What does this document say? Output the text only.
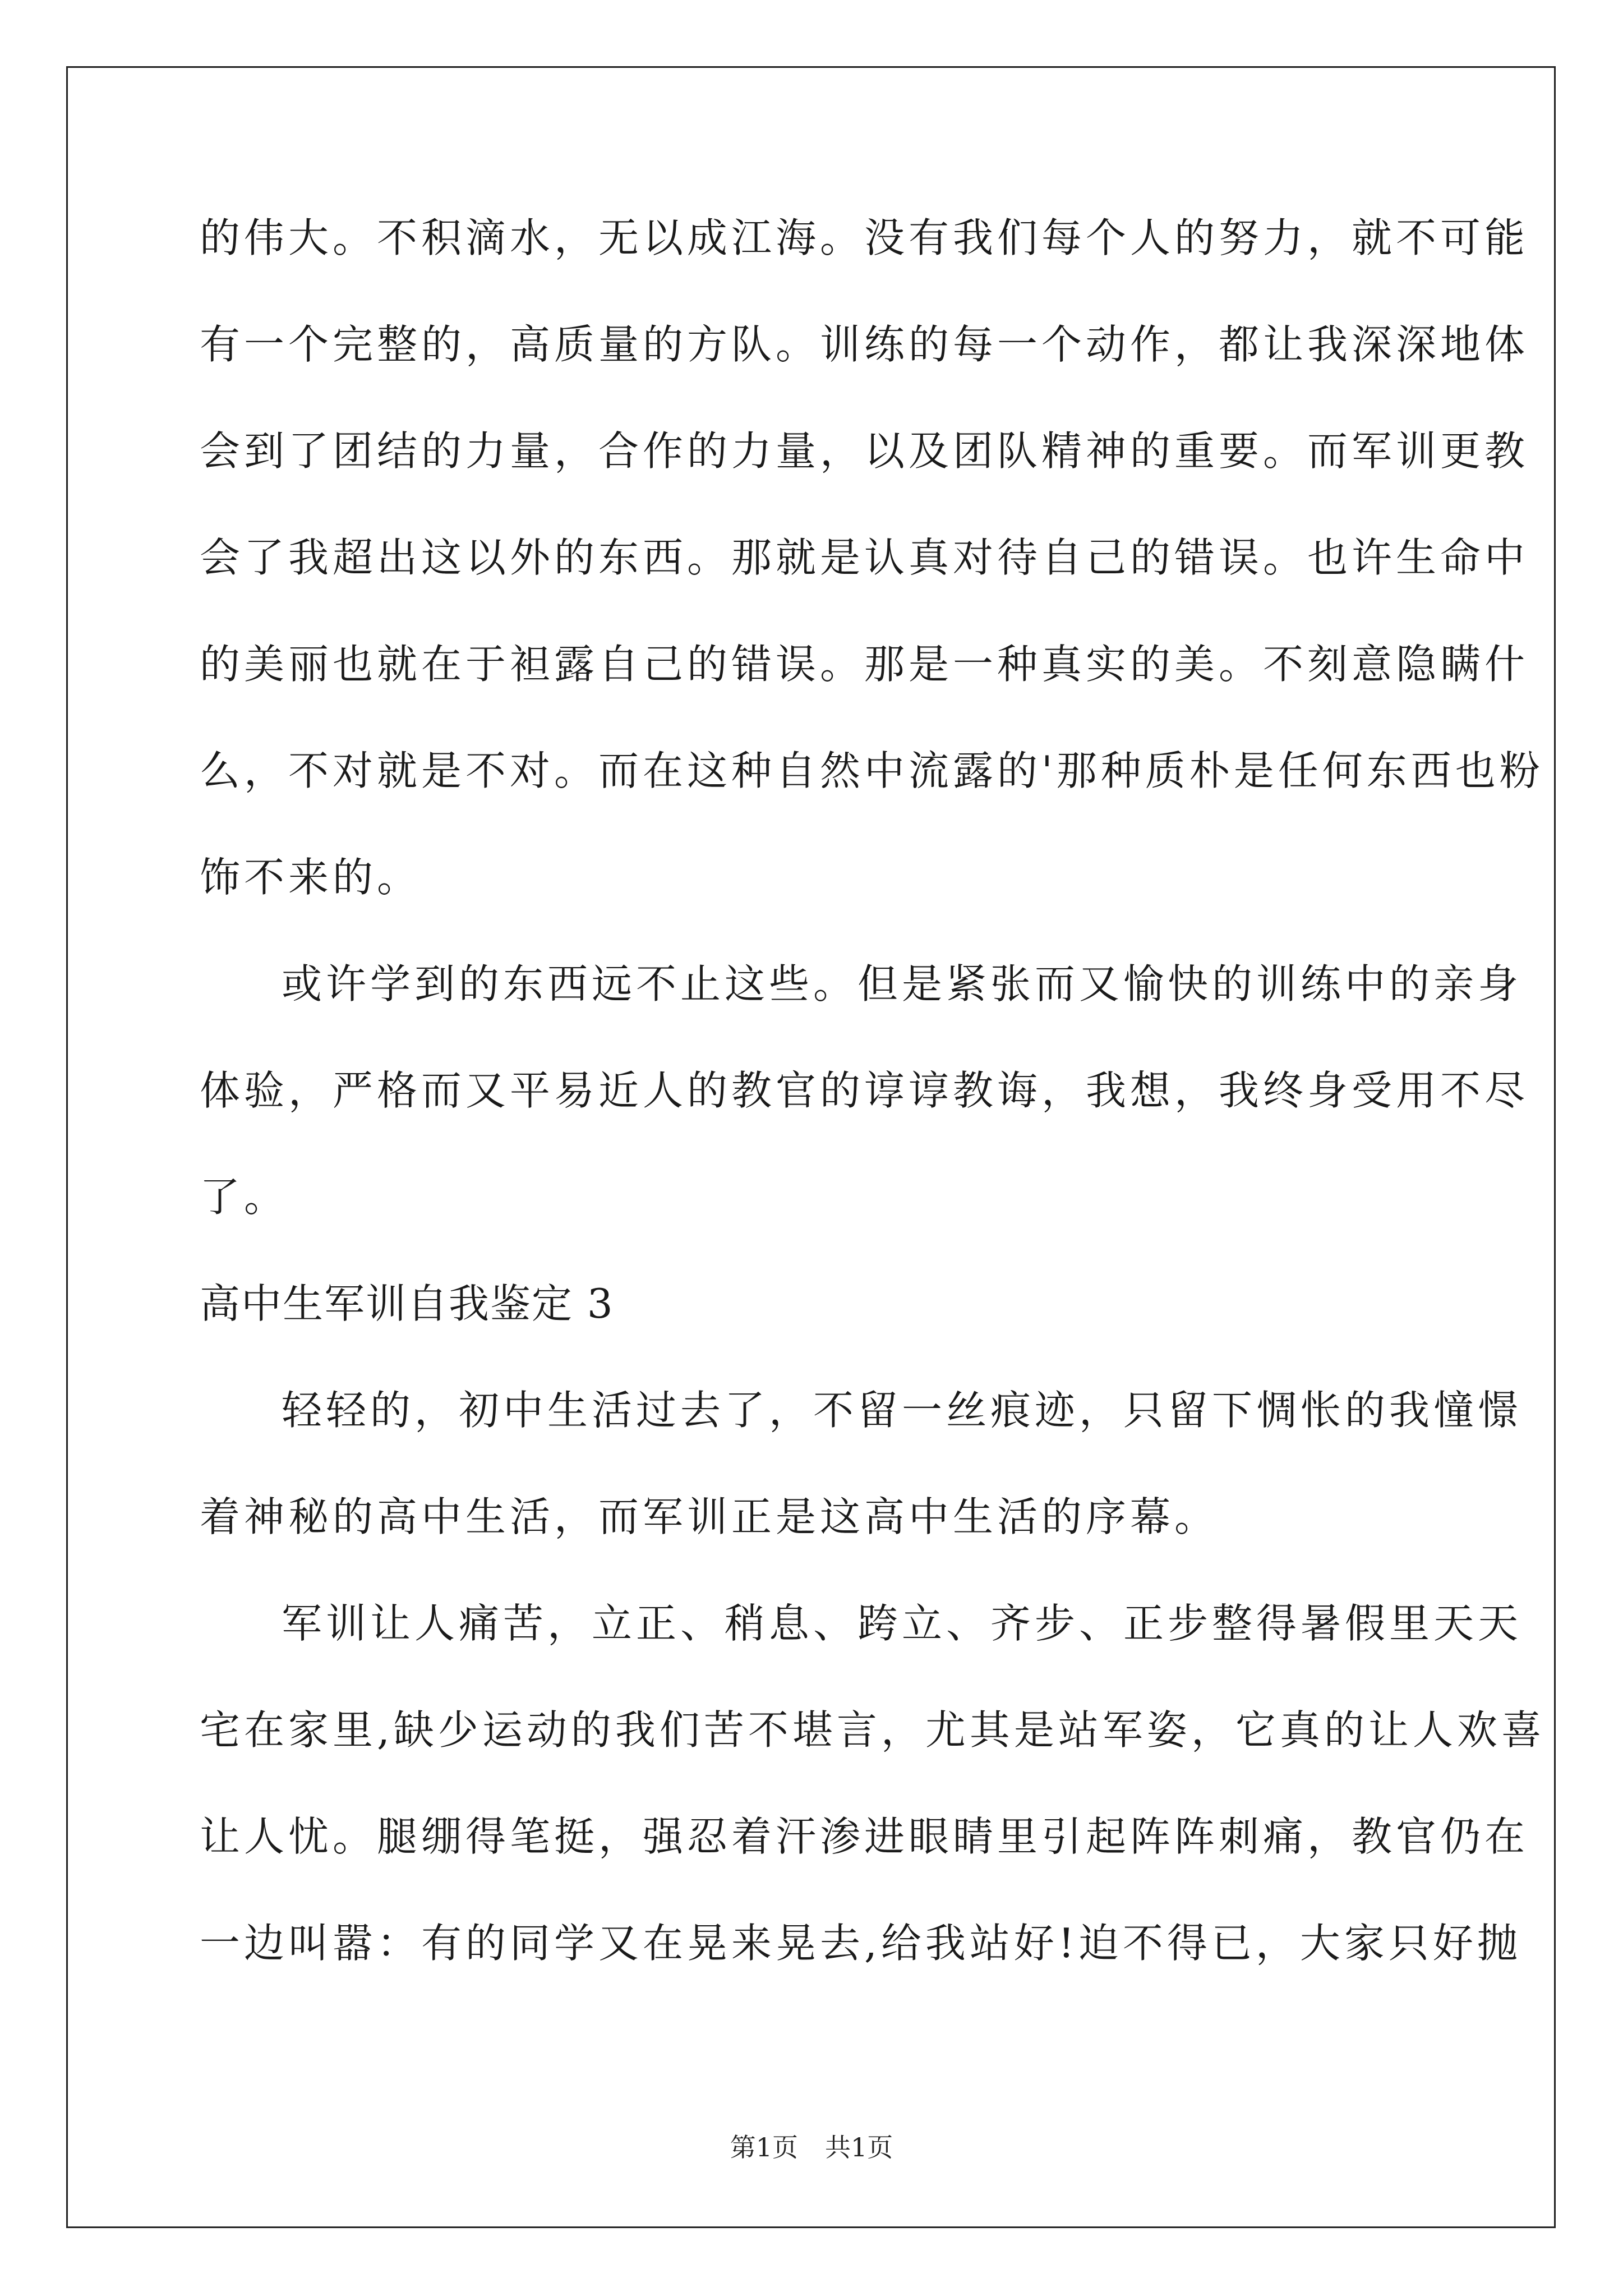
的伟大。不积滴水，无以成江海。没有我们每个人的努力，就不可能
有一个完整的，高质量的方队。训练的每一个动作，都让我深深地体
会到了团结的力量，合作的力量，以及团队精神的重要。而军训更教
会了我超出这以外的东西。那就是认真对待自己的错误。也许生命中
的美丽也就在于袒露自己的错误。那是一种真实的美。不刻意隐瞒什
么，不对就是不对。而在这种自然中流露的'那种质朴是任何东西也粉
饰不来的。
或许学到的东西远不止这些。但是紧张而又愉快的训练中的亲身
体验，严格而又平易近人的教官的谆谆教诲，我想，我终身受用不尽
了。
高中生军训自我鉴定 3
轻轻的，初中生活过去了，不留一丝痕迹，只留下惆怅的我憧憬
着神秘的高中生活，而军训正是这高中生活的序幕。
军训让人痛苦，立正、稍息、跨立、齐步、正步整得暑假里天天
宅在家里,缺少运动的我们苦不堪言，尤其是站军姿，它真的让人欢喜
让人忧。腿绷得笔挺，强忍着汗渗进眼睛里引起阵阵刺痛，教官仍在
一边叫嚣：有的同学又在晃来晃去,给我站好!迫不得已，大家只好抛
第1页 共1页
